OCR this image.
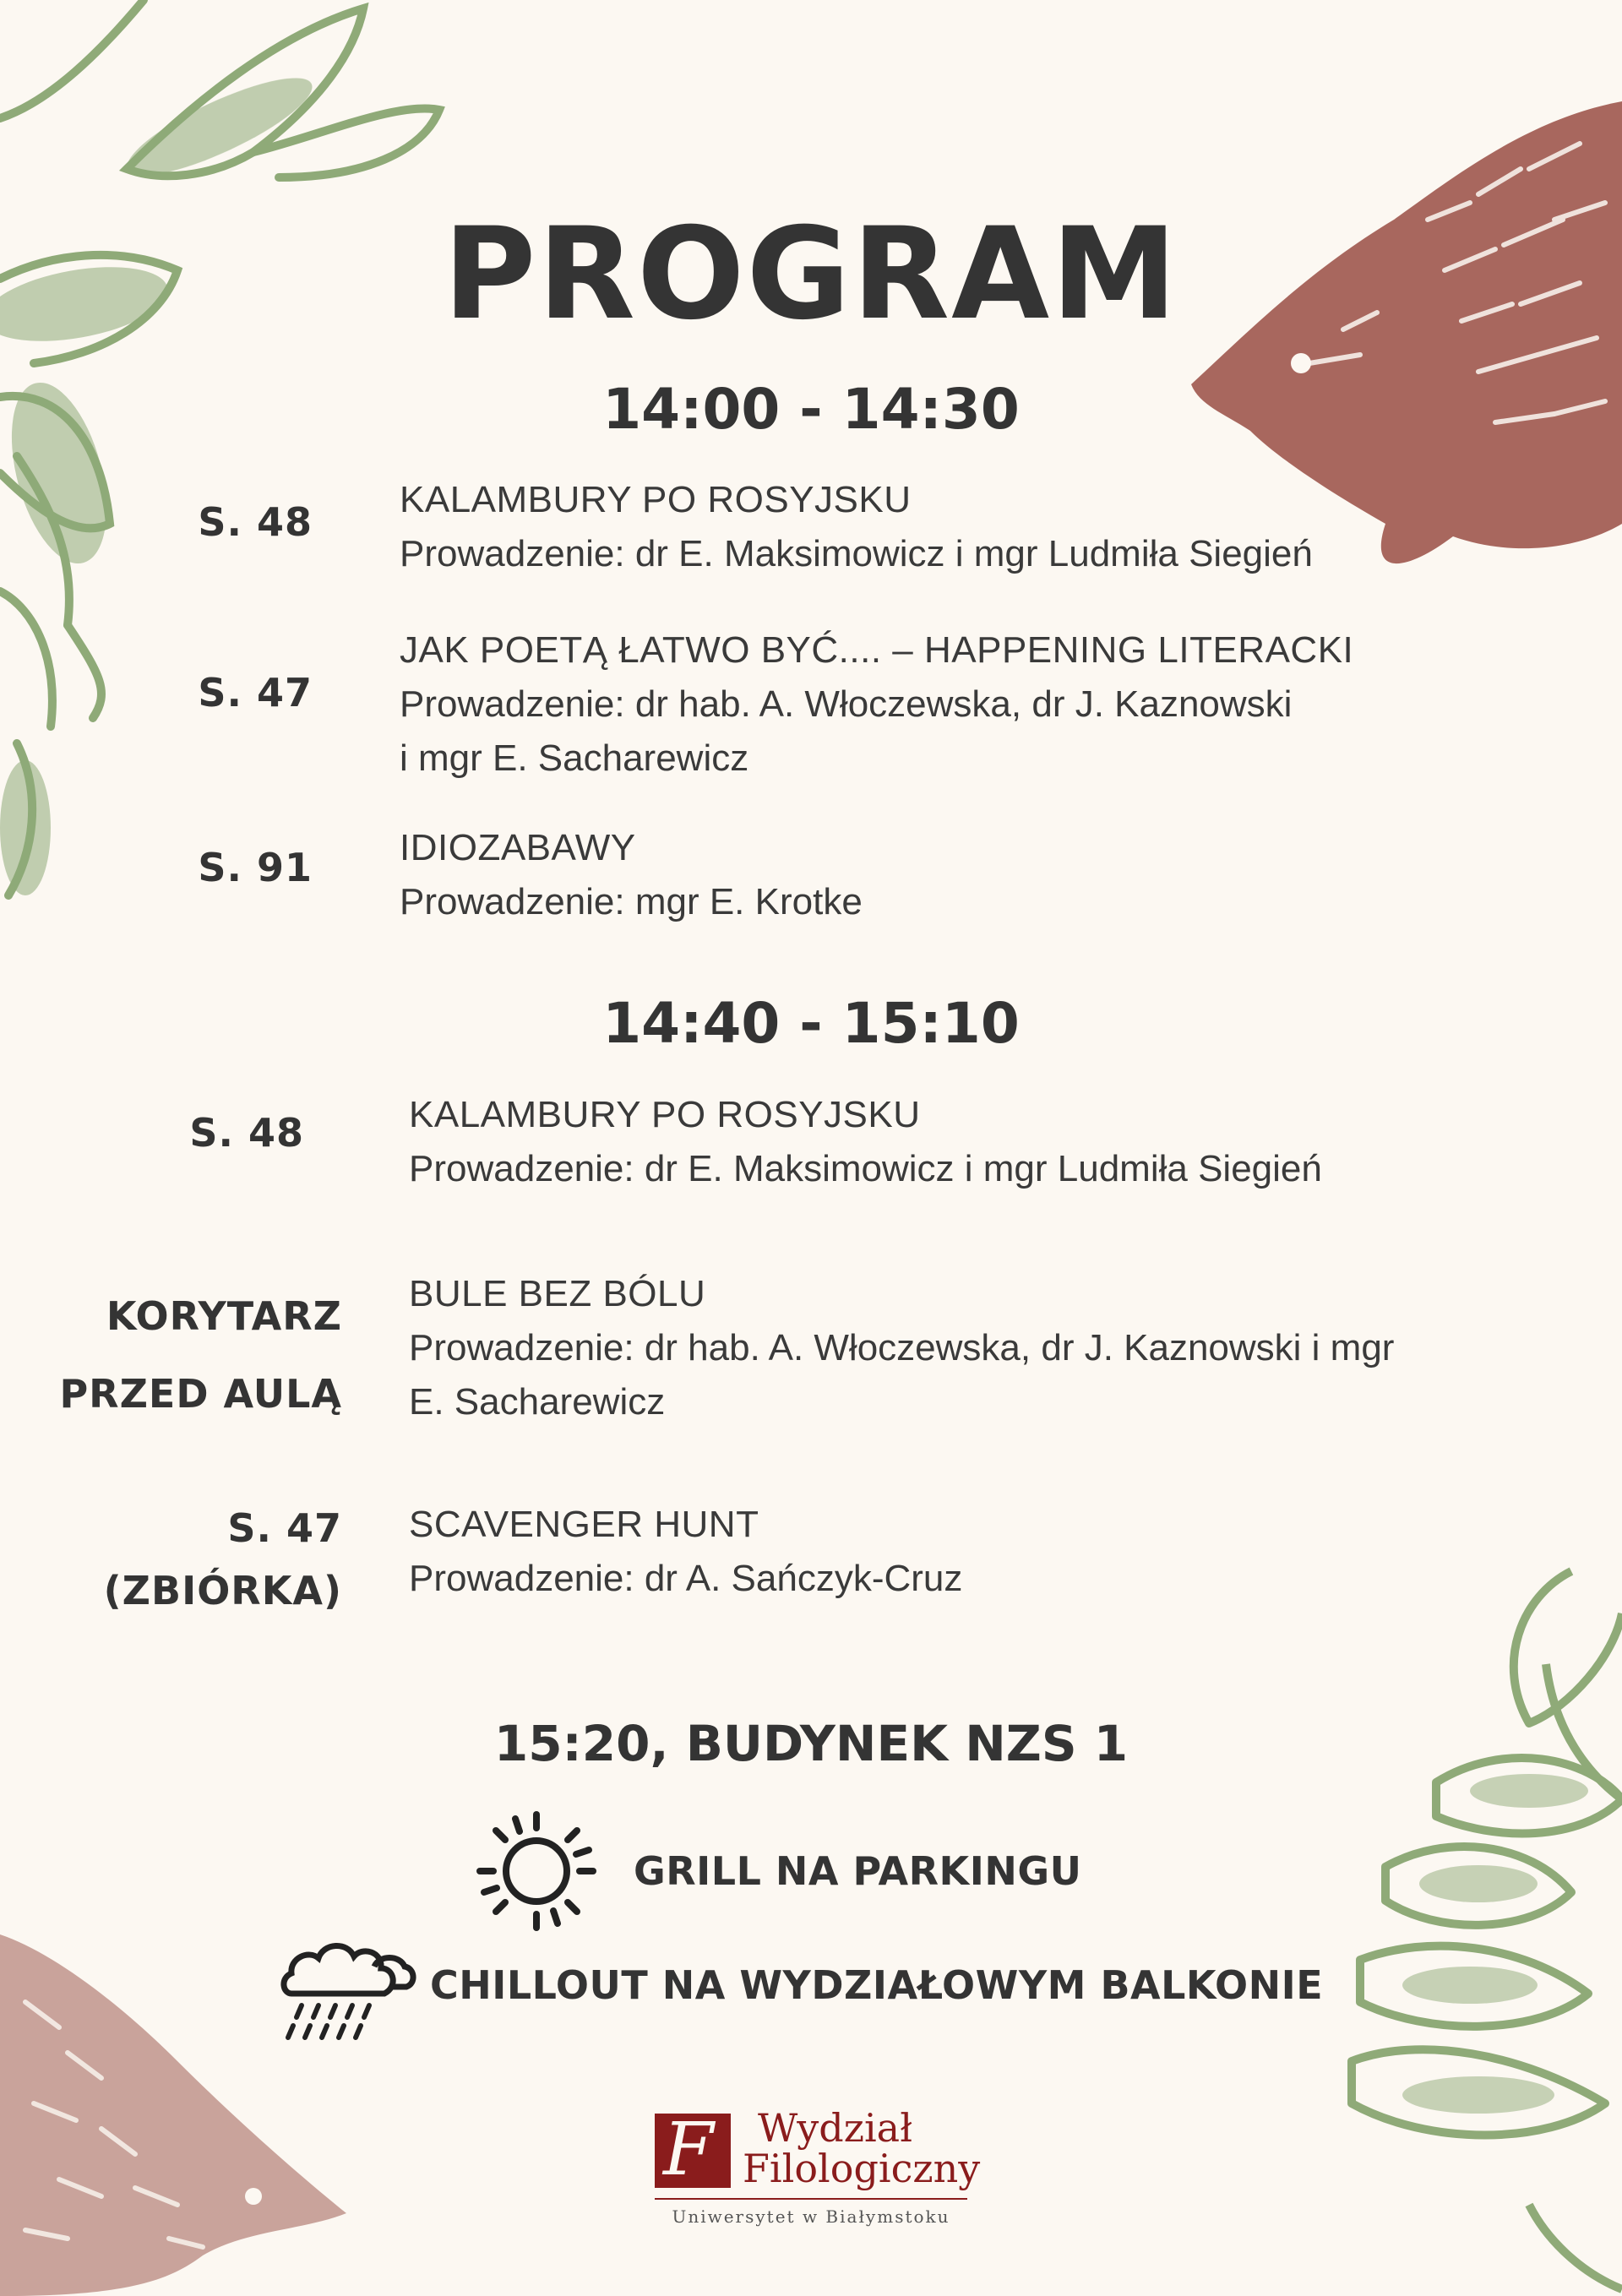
PROGRAM
14:00 - 14:30
S. 48 KALAMBURY PO ROSYJSKU
Prowadzenie: dr E. Maksimowicz i mgr Ludmiła Siegień
S. 47
JAK POETĄ ŁATWO BYĆ.... – HAPPENING LITERACKI
Prowadzenie: dr hab. A. Włoczewska, dr J. Kaznowski
i mgr E. Sacharewicz
S. 91 IDIOZABAWY
Prowadzenie: mgr E. Krotke
14:40 - 15:10
S. 48	KALAMBURY PO ROSYJSKU
Prowadzenie: dr E. Maksimowicz i mgr Ludmiła Siegień
KORYTARZ
PRZED AULĄ
BULE BEZ BÓLU
Prowadzenie: dr hab. A. Włoczewska, dr J. Kaznowski i mgr
E. Sacharewicz
S. 47
(ZBIÓRKA)
SCAVENGER HUNT
Prowadzenie: dr A. Sańczyk-Cruz
15:20, BUDYNEK NZS 1
GRILL NA PARKINGU
CHILLOUT NA WYDZIAŁOWYM BALKONIE
F Wydział
Filologiczny
Uniwersytet w Białymstoku
